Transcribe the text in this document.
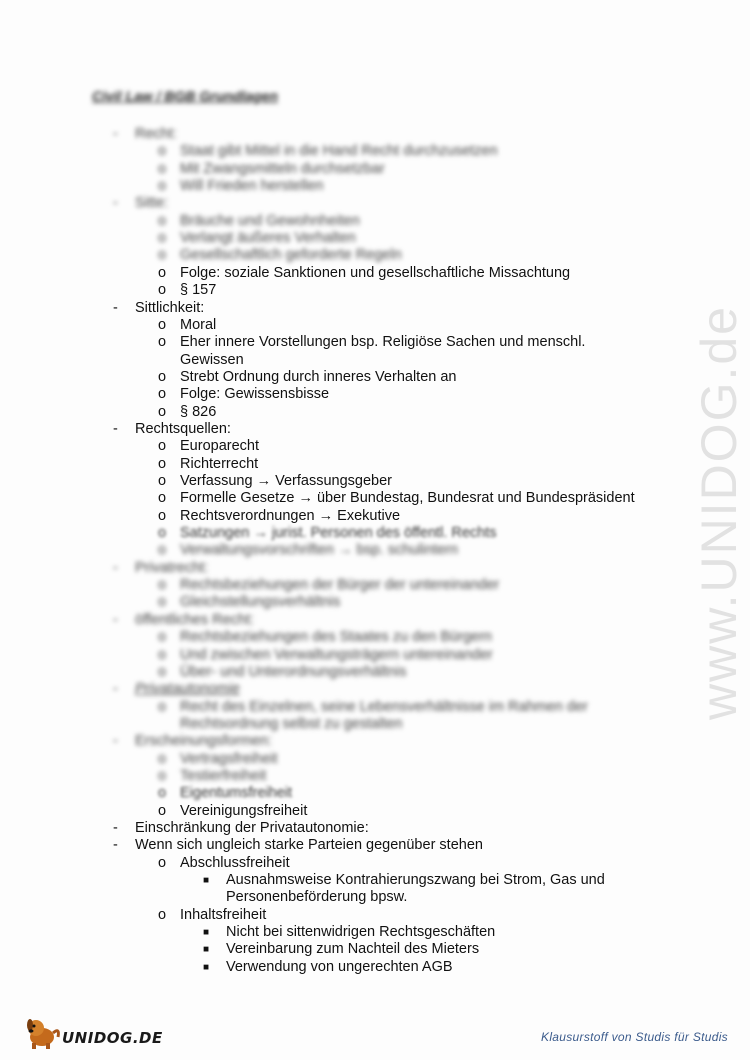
Civil Law / BGB Grundlagen
- Recht:
o Staat gibt Mittel in die Hand Recht durchzusetzen
o Mit Zwangsmitteln durchsetzbar
o Will Frieden herstellen
- Sitte:
o Bräuche und Gewohnheiten
o Verlangt äußeres Verhalten
o Gesellschaftlich geforderte Regeln
o Folge: soziale Sanktionen und gesellschaftliche Missachtung
o § 157
- Sittlichkeit:
o Moral
o Eher innere Vorstellungen bsp. Religiöse Sachen und menschl.
Gewissen
o Strebt Ordnung durch inneres Verhalten an
o Folge: Gewissensbisse
o § 826
- Rechtsquellen:
o Europarecht
o Richterrecht
o Verfassung → Verfassungsgeber
o Formelle Gesetze → über Bundestag, Bundesrat und Bundespräsident
o Rechtsverordnungen → Exekutive
o Satzungen → jurist. Personen des öffentl. Rechts
o Verwaltungsvorschriften → bsp. schulintern
- Privatrecht:
o Rechtsbeziehungen der Bürger der untereinander
o Gleichstellungsverhältnis
- öffentliches Recht:
o Rechtsbeziehungen des Staates zu den Bürgern
o Und zwischen Verwaltungsträgern untereinander
o Über- und Unterordnungsverhältnis
- Privatautonomie
o Recht des Einzelnen, seine Lebensverhältnisse im Rahmen der
Rechtsordnung selbst zu gestalten
- Erscheinungsformen:
o Vertragsfreiheit
o Testierfreiheit
o Eigentumsfreiheit
o Vereinigungsfreiheit
- Einschränkung der Privatautonomie:
- Wenn sich ungleich starke Parteien gegenüber stehen
o Abschlussfreiheit
■ Ausnahmsweise Kontrahierungszwang bei Strom, Gas und
Personenbeförderung bpsw.
o Inhaltsfreiheit
■ Nicht bei sittenwidrigen Rechtsgeschäften
■ Vereinbarung zum Nachteil des Mieters
■ Verwendung von ungerechten AGB
www.UNIDOG.de
UNIDOG.DE	Klausurstoff von Studis für Studis
